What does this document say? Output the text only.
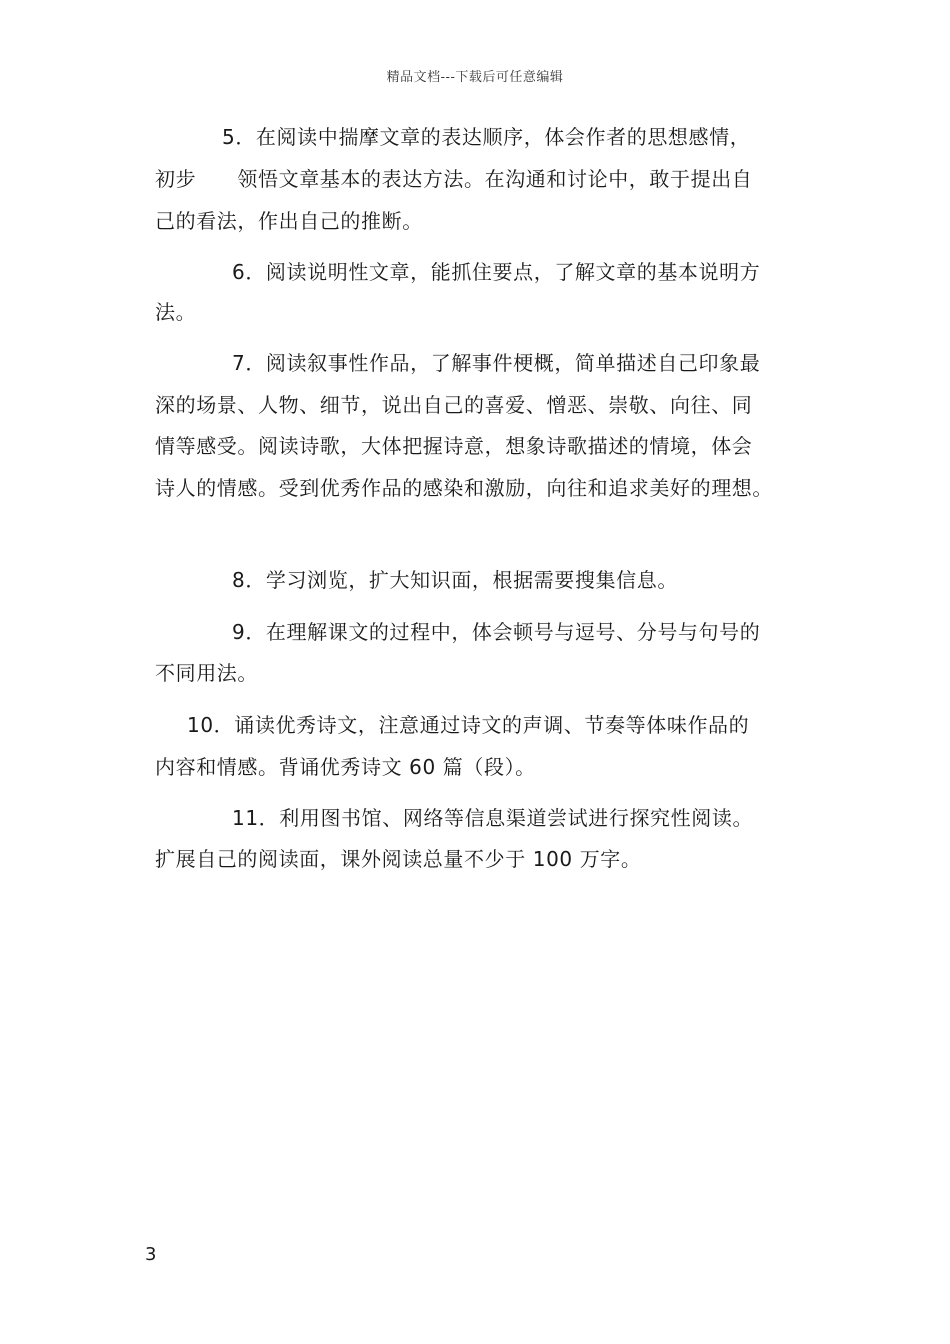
精品文档---下载后可任意编辑
5．在阅读中揣摩文章的表达顺序，体会作者的思想感情，
初步　　领悟文章基本的表达方法。在沟通和讨论中，敢于提出自
己的看法，作出自己的推断。
6．阅读说明性文章，能抓住要点，了解文章的基本说明方
法。
7．阅读叙事性作品，了解事件梗概，简单描述自己印象最
深的场景、人物、细节，说出自己的喜爱、憎恶、崇敬、向往、同
情等感受。阅读诗歌，大体把握诗意，想象诗歌描述的情境，体会
诗人的情感。受到优秀作品的感染和激励，向往和追求美好的理想。
8．学习浏览，扩大知识面，根据需要搜集信息。
9．在理解课文的过程中，体会顿号与逗号、分号与句号的
不同用法。
10．诵读优秀诗文，注意通过诗文的声调、节奏等体味作品的
内容和情感。背诵优秀诗文 60 篇（段）。
11．利用图书馆、网络等信息渠道尝试进行探究性阅读。
扩展自己的阅读面，课外阅读总量不少于 100 万字。
3
